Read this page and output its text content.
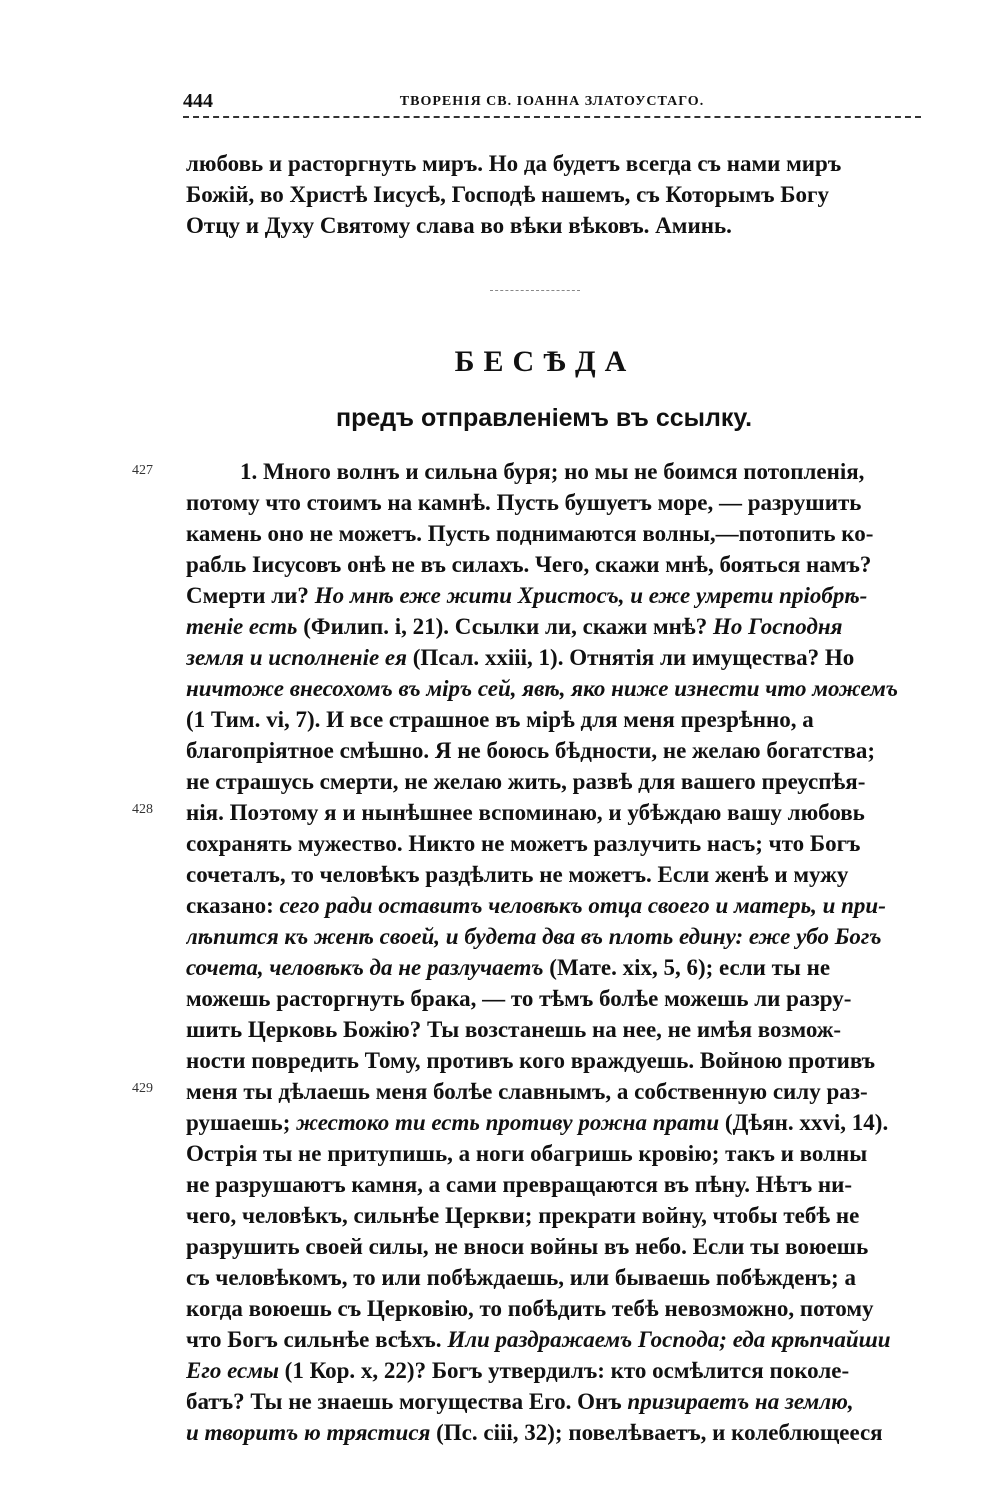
444	ТВОРЕНІЯ СВ. ІОАННА ЗЛАТОУСТАГО.
любовь и расторгнуть миръ. Но да будетъ всегда съ нами миръ
Божій, во Христѣ Іисусѣ, Господѣ нашемъ, съ Которымъ Богу
Отцу и Духу Святому слава во вѣки вѣковъ. Аминь.
БЕСѢДА
предъ отправленіемъ въ ссылку.
427
428
429
1. Много волнъ и сильна буря; но мы не боимся потопленія,
потому что стоимъ на камнѣ. Пусть бушуетъ море, — разрушить
камень оно не можетъ. Пусть поднимаются волны,—потопить ко-
рабль Іисусовъ онѣ не въ силахъ. Чего, скажи мнѣ, бояться намъ?
Смерти ли? Но мнѣ еже жити Христосъ, и еже умрети пріобрѣ-
теніе есть (Филип. і, 21). Ссылки ли, скажи мнѣ? Но Господня
земля и исполненіе ея (Псал. xxiii, 1). Отнятія ли имущества? Но
ничтоже внесохомъ въ міръ сей, явѣ, яко ниже изнести что можемъ
(1 Тим. vi, 7). И все страшное въ мірѣ для меня презрѣнно, а
благопріятное смѣшно. Я не боюсь бѣдности, не желаю богатства;
не страшусь смерти, не желаю жить, развѣ для вашего преуспѣя-
нія. Поэтому я и нынѣшнее вспоминаю, и убѣждаю вашу любовь
сохранять мужество. Никто не можетъ разлучить насъ; что Богъ
сочеталъ, то человѣкъ раздѣлить не можетъ. Если женѣ и мужу
сказано: сего ради оставитъ человѣкъ отца своего и матерь, и при-
лѣпится къ женѣ своей, и будета два въ плоть едину: еже убо Богъ
сочета, человѣкъ да не разлучаетъ (Мате. xix, 5, 6); если ты не
можешь расторгнуть брака, — то тѣмъ болѣе можешь ли разру-
шить Церковь Божію? Ты возстанешь на нее, не имѣя возмож-
ности повредить Тому, противъ кого враждуешь. Войною противъ
меня ты дѣлаешь меня болѣе славнымъ, а собственную силу раз-
рушаешь; жестоко ти есть противу рожна прати (Дѣян. xxvi, 14).
Острія ты не притупишь, а ноги обагришь кровію; такъ и волны
не разрушаютъ камня, а сами превращаются въ пѣну. Нѣтъ ни-
чего, человѣкъ, сильнѣе Церкви; прекрати войну, чтобы тебѣ не
разрушить своей силы, не вноси войны въ небо. Если ты воюешь
съ человѣкомъ, то или побѣждаешь, или бываешь побѣжденъ; а
когда воюешь съ Церковію, то побѣдить тебѣ невозможно, потому
что Богъ сильнѣе всѣхъ. Или раздражаемъ Господа; еда крѣпчайши
Его есмы (1 Кор. x, 22)? Богъ утвердилъ: кто осмѣлится поколе-
батъ? Ты не знаешь могущества Его. Онъ призираетъ на землю,
и творитъ ю трястися (Пс. ciii, 32); повелѣваетъ, и колеблющееся
